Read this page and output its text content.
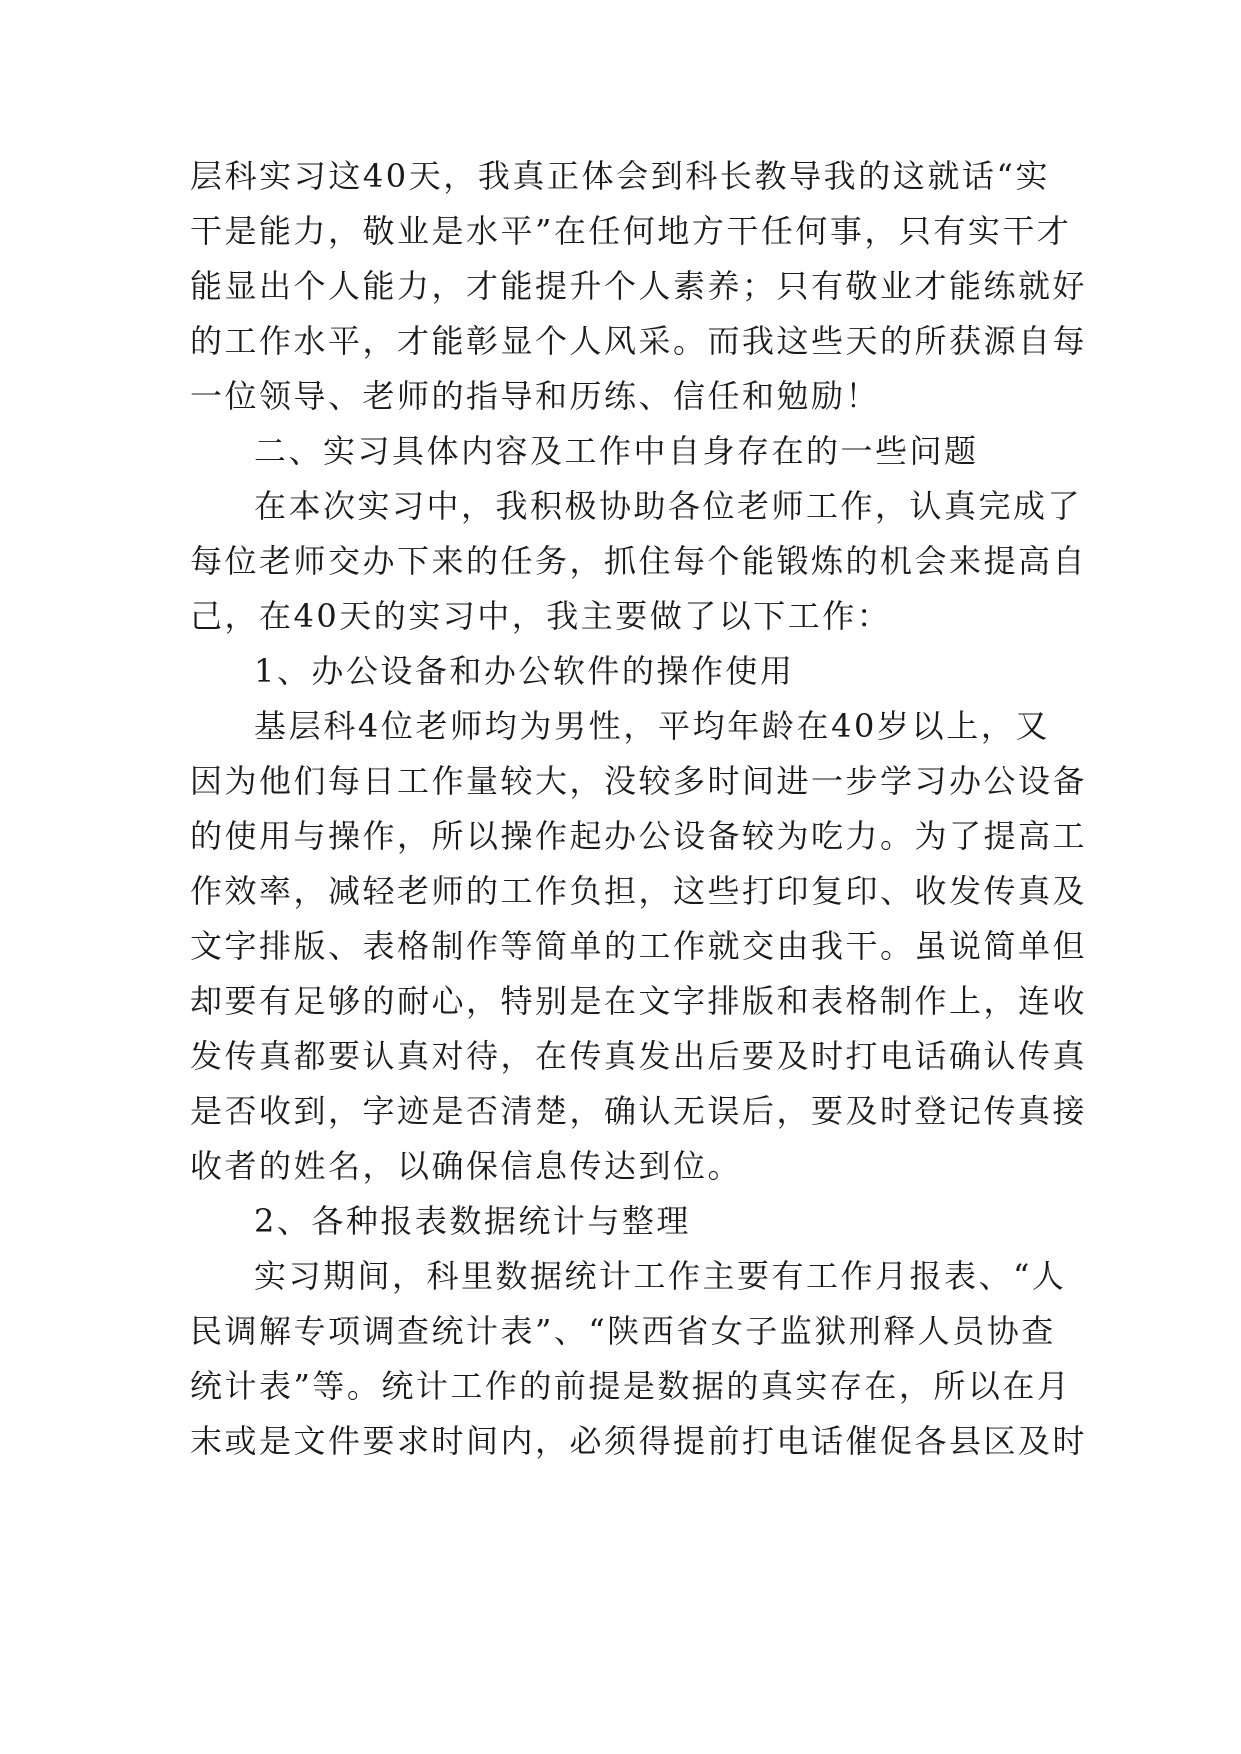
层科实习这40天，我真正体会到科长教导我的这就话“实
干是能力，敬业是水平”在任何地方干任何事，只有实干才
能显出个人能力，才能提升个人素养；只有敬业才能练就好
的工作水平，才能彰显个人风采。而我这些天的所获源自每
一位领导、老师的指导和历练、信任和勉励！
二、实习具体内容及工作中自身存在的一些问题
在本次实习中，我积极协助各位老师工作，认真完成了
每位老师交办下来的任务，抓住每个能锻炼的机会来提高自
己，在40天的实习中，我主要做了以下工作：
1、办公设备和办公软件的操作使用
基层科4位老师均为男性，平均年龄在40岁以上，又
因为他们每日工作量较大，没较多时间进一步学习办公设备
的使用与操作，所以操作起办公设备较为吃力。为了提高工
作效率，减轻老师的工作负担，这些打印复印、收发传真及
文字排版、表格制作等简单的工作就交由我干。虽说简单但
却要有足够的耐心，特别是在文字排版和表格制作上，连收
发传真都要认真对待，在传真发出后要及时打电话确认传真
是否收到，字迹是否清楚，确认无误后，要及时登记传真接
收者的姓名，以确保信息传达到位。
2、各种报表数据统计与整理
实习期间，科里数据统计工作主要有工作月报表、“人
民调解专项调查统计表”、“陕西省女子监狱刑释人员协查
统计表”等。统计工作的前提是数据的真实存在，所以在月
末或是文件要求时间内，必须得提前打电话催促各县区及时
